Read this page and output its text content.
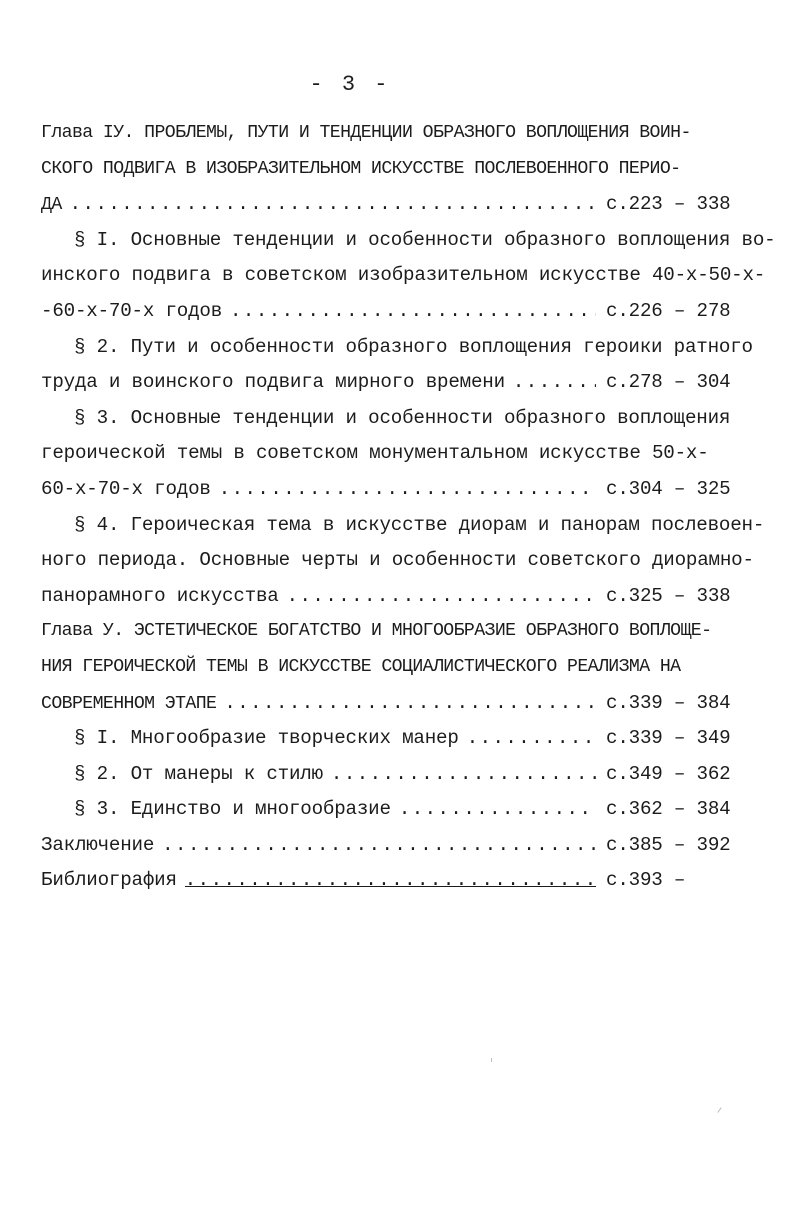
- 3 -
Глава IУ. ПРОБЛЕМЫ, ПУТИ И ТЕНДЕНЦИИ ОБРАЗНОГО ВОПЛОЩЕНИЯ ВОИН-
СКОГО ПОДВИГА В ИЗОБРАЗИТЕЛЬНОМ ИСКУССТВЕ ПОСЛЕВОЕННОГО ПЕРИО-
ДА .....	с.223 – 338
§ I. Основные тенденции и особенности образного воплощения во-
инского подвига в советском изобразительном искусстве 40-х-50-х-
-60-х-70-х годов .....	с.226 – 278
§ 2. Пути и особенности образного воплощения героики ратного
труда и воинского подвига мирного времени .....	с.278 – 304
§ 3. Основные тенденции и особенности образного воплощения
героической темы в советском монументальном искусстве 50-х-
60-х-70-х годов .....	с.304 – 325
§ 4. Героическая тема в искусстве диорам и панорам послевоен-
ного периода. Основные черты и особенности советского диорамно-
панорамного искусства .....	с.325 – 338
Глава У. ЭСТЕТИЧЕСКОЕ БОГАТСТВО И МНОГООБРАЗИЕ ОБРАЗНОГО ВОПЛОЩЕ-
НИЯ ГЕРОИЧЕСКОЙ ТЕМЫ В ИСКУССТВЕ СОЦИАЛИСТИЧЕСКОГО РЕАЛИЗМА НА
СОВРЕМЕННОМ ЭТАПЕ .....	с.339 – 384
§ I. Многообразие творческих манер .....	с.339 – 349
§ 2. От манеры к стилю .....	с.349 – 362
§ 3. Единство и многообразие .....	с.362 – 384
Заключение .....	с.385 – 392
Библиография .....	с.393 –
